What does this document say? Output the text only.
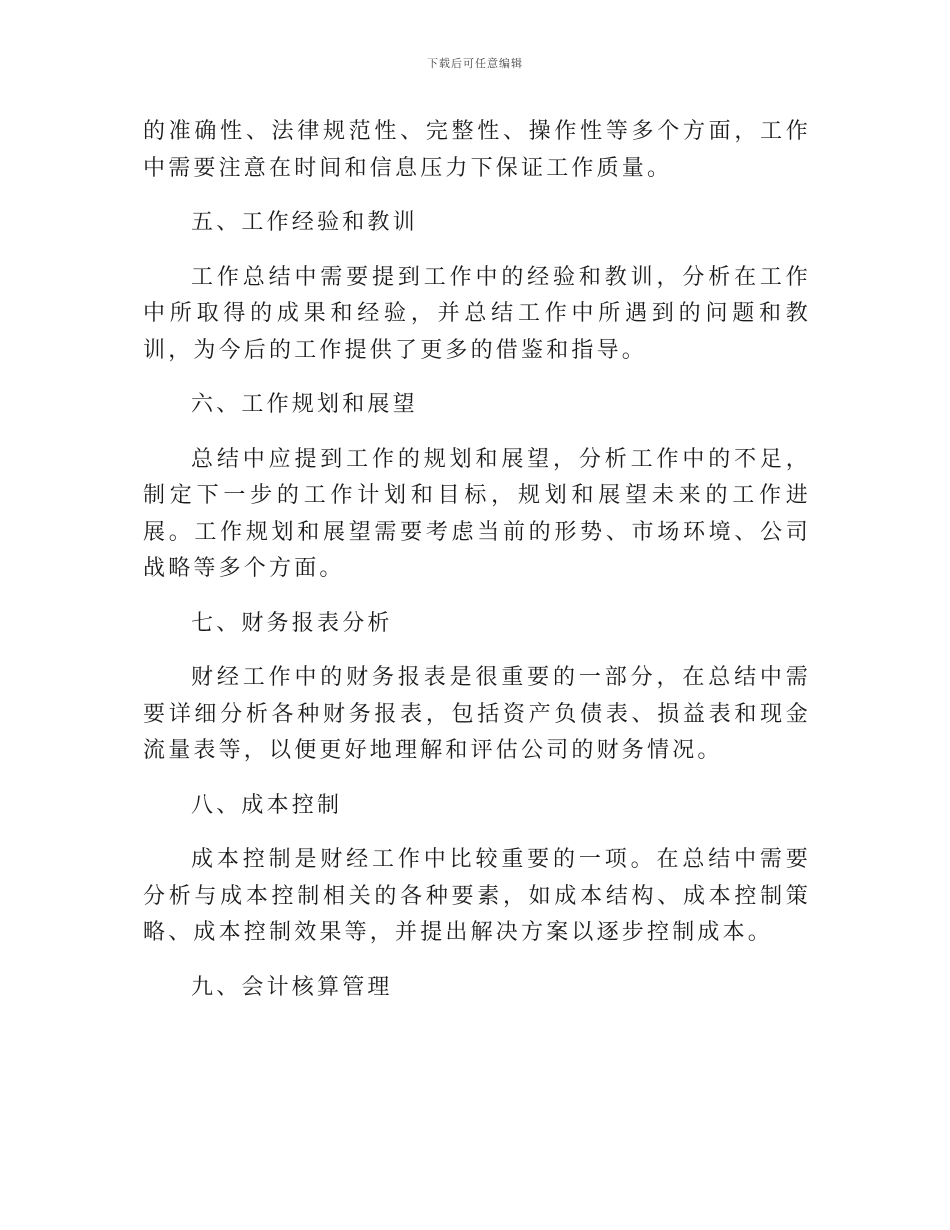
下载后可任意编辑

的准确性、法律规范性、完整性、操作性等多个方面，工作中需要注意在时间和信息压力下保证工作质量。

五、工作经验和教训

工作总结中需要提到工作中的经验和教训，分析在工作中所取得的成果和经验，并总结工作中所遇到的问题和教训，为今后的工作提供了更多的借鉴和指导。

六、工作规划和展望

总结中应提到工作的规划和展望，分析工作中的不足，制定下一步的工作计划和目标，规划和展望未来的工作进展。工作规划和展望需要考虑当前的形势、市场环境、公司战略等多个方面。

七、财务报表分析

财经工作中的财务报表是很重要的一部分，在总结中需要详细分析各种财务报表，包括资产负债表、损益表和现金流量表等，以便更好地理解和评估公司的财务情况。

八、成本控制

成本控制是财经工作中比较重要的一项。在总结中需要分析与成本控制相关的各种要素，如成本结构、成本控制策略、成本控制效果等，并提出解决方案以逐步控制成本。

九、会计核算管理
